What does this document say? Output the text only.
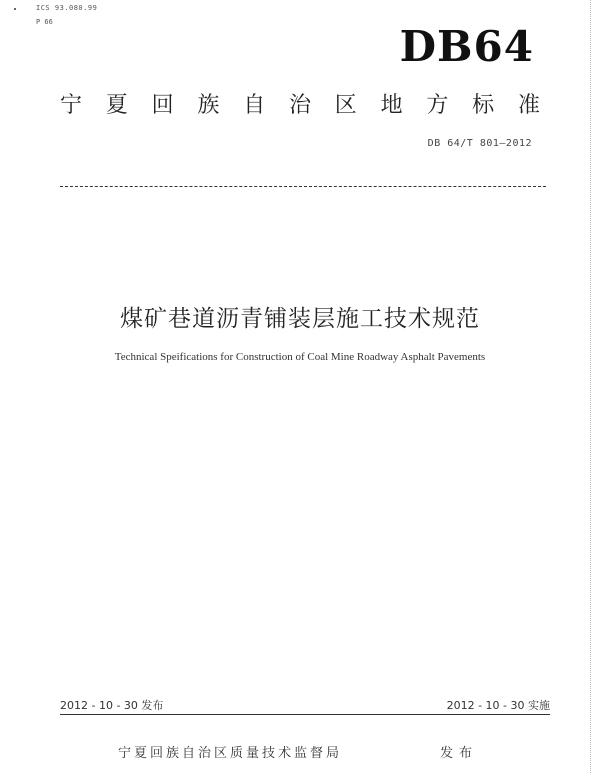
ICS 93.080.99
P 66	DB64
宁 夏 回 族 自 治 区 地 方 标 准
DB 64/T 801—2012
煤矿巷道沥青铺装层施工技术规范
Technical Speifications for Construction of Coal Mine Roadway Asphalt Pavements
2012 - 10 - 30 发布	2012 - 10 - 30 实施
宁夏回族自治区质量技术监督局	发布
